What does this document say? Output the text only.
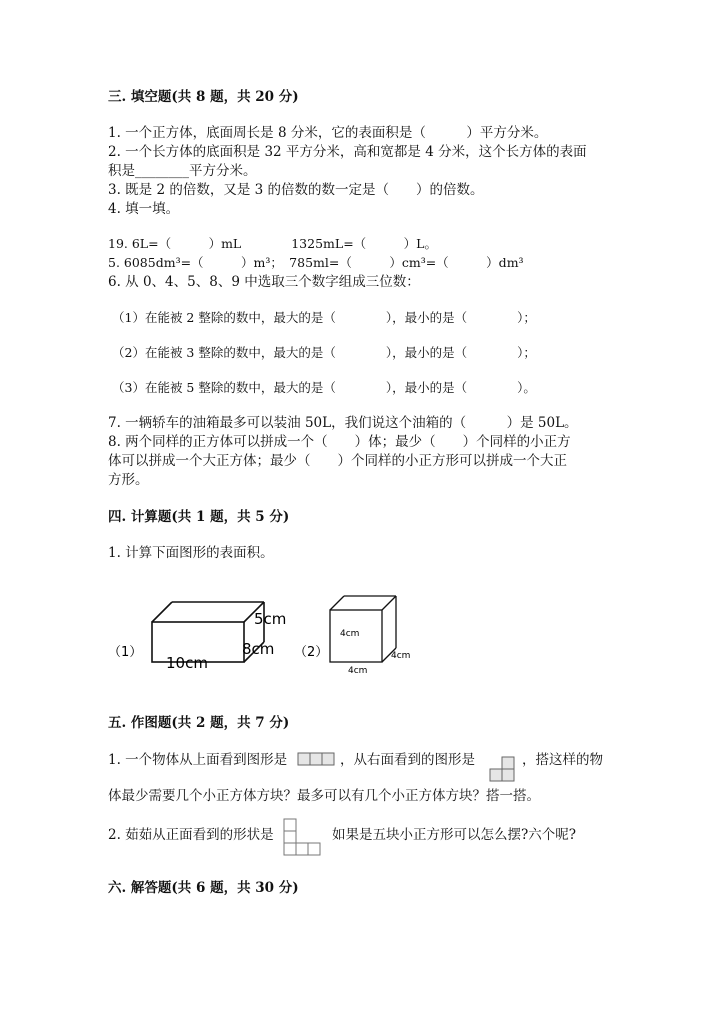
三. 填空题(共 8 题，共 20 分)
1. 一个正方体，底面周长是 8 分米，它的表面积是（　　　）平方分米。
2. 一个长方体的底面积是 32 平方分米，高和宽都是 4 分米，这个长方体的表面
积是________平方分米。
3. 既是 2 的倍数，又是 3 的倍数的数一定是（　　）的倍数。
4. 填一填。
19. 6L=（　　　）mL　　　　1325mL=（　　　）L。
5. 6085dm³=（　　　）m³；　785ml=（　　　）cm³=（　　　）dm³
6. 从 0、4、5、8、9 中选取三个数字组成三位数：
（1）在能被 2 整除的数中，最大的是（　　　　），最小的是（　　　　）；
（2）在能被 3 整除的数中，最大的是（　　　　），最小的是（　　　　）；
（3）在能被 5 整除的数中，最大的是（　　　　），最小的是（　　　　）。
7. 一辆轿车的油箱最多可以装油 50L，我们说这个油箱的（　　　）是 50L。
8. 两个同样的正方体可以拼成一个（　　）体；最少（　　）个同样的小正方
体可以拼成一个大正方体；最少（　　）个同样的小正方形可以拼成一个大正
方形。
四. 计算题(共 1 题，共 5 分)
1. 计算下面图形的表面积。
（1）
5cm
8cm
10cm
（2）
4cm
4cm
4cm
五. 作图题(共 2 题，共 7 分)
1. 一个物体从上面看到图形是	，从右面看到的图形是	，搭这样的物
体最少需要几个小正方体方块？最多可以有几个小正方体方块？搭一搭。
2. 茹茹从正面看到的形状是	如果是五块小正方形可以怎么摆?六个呢?
六. 解答题(共 6 题，共 30 分)
